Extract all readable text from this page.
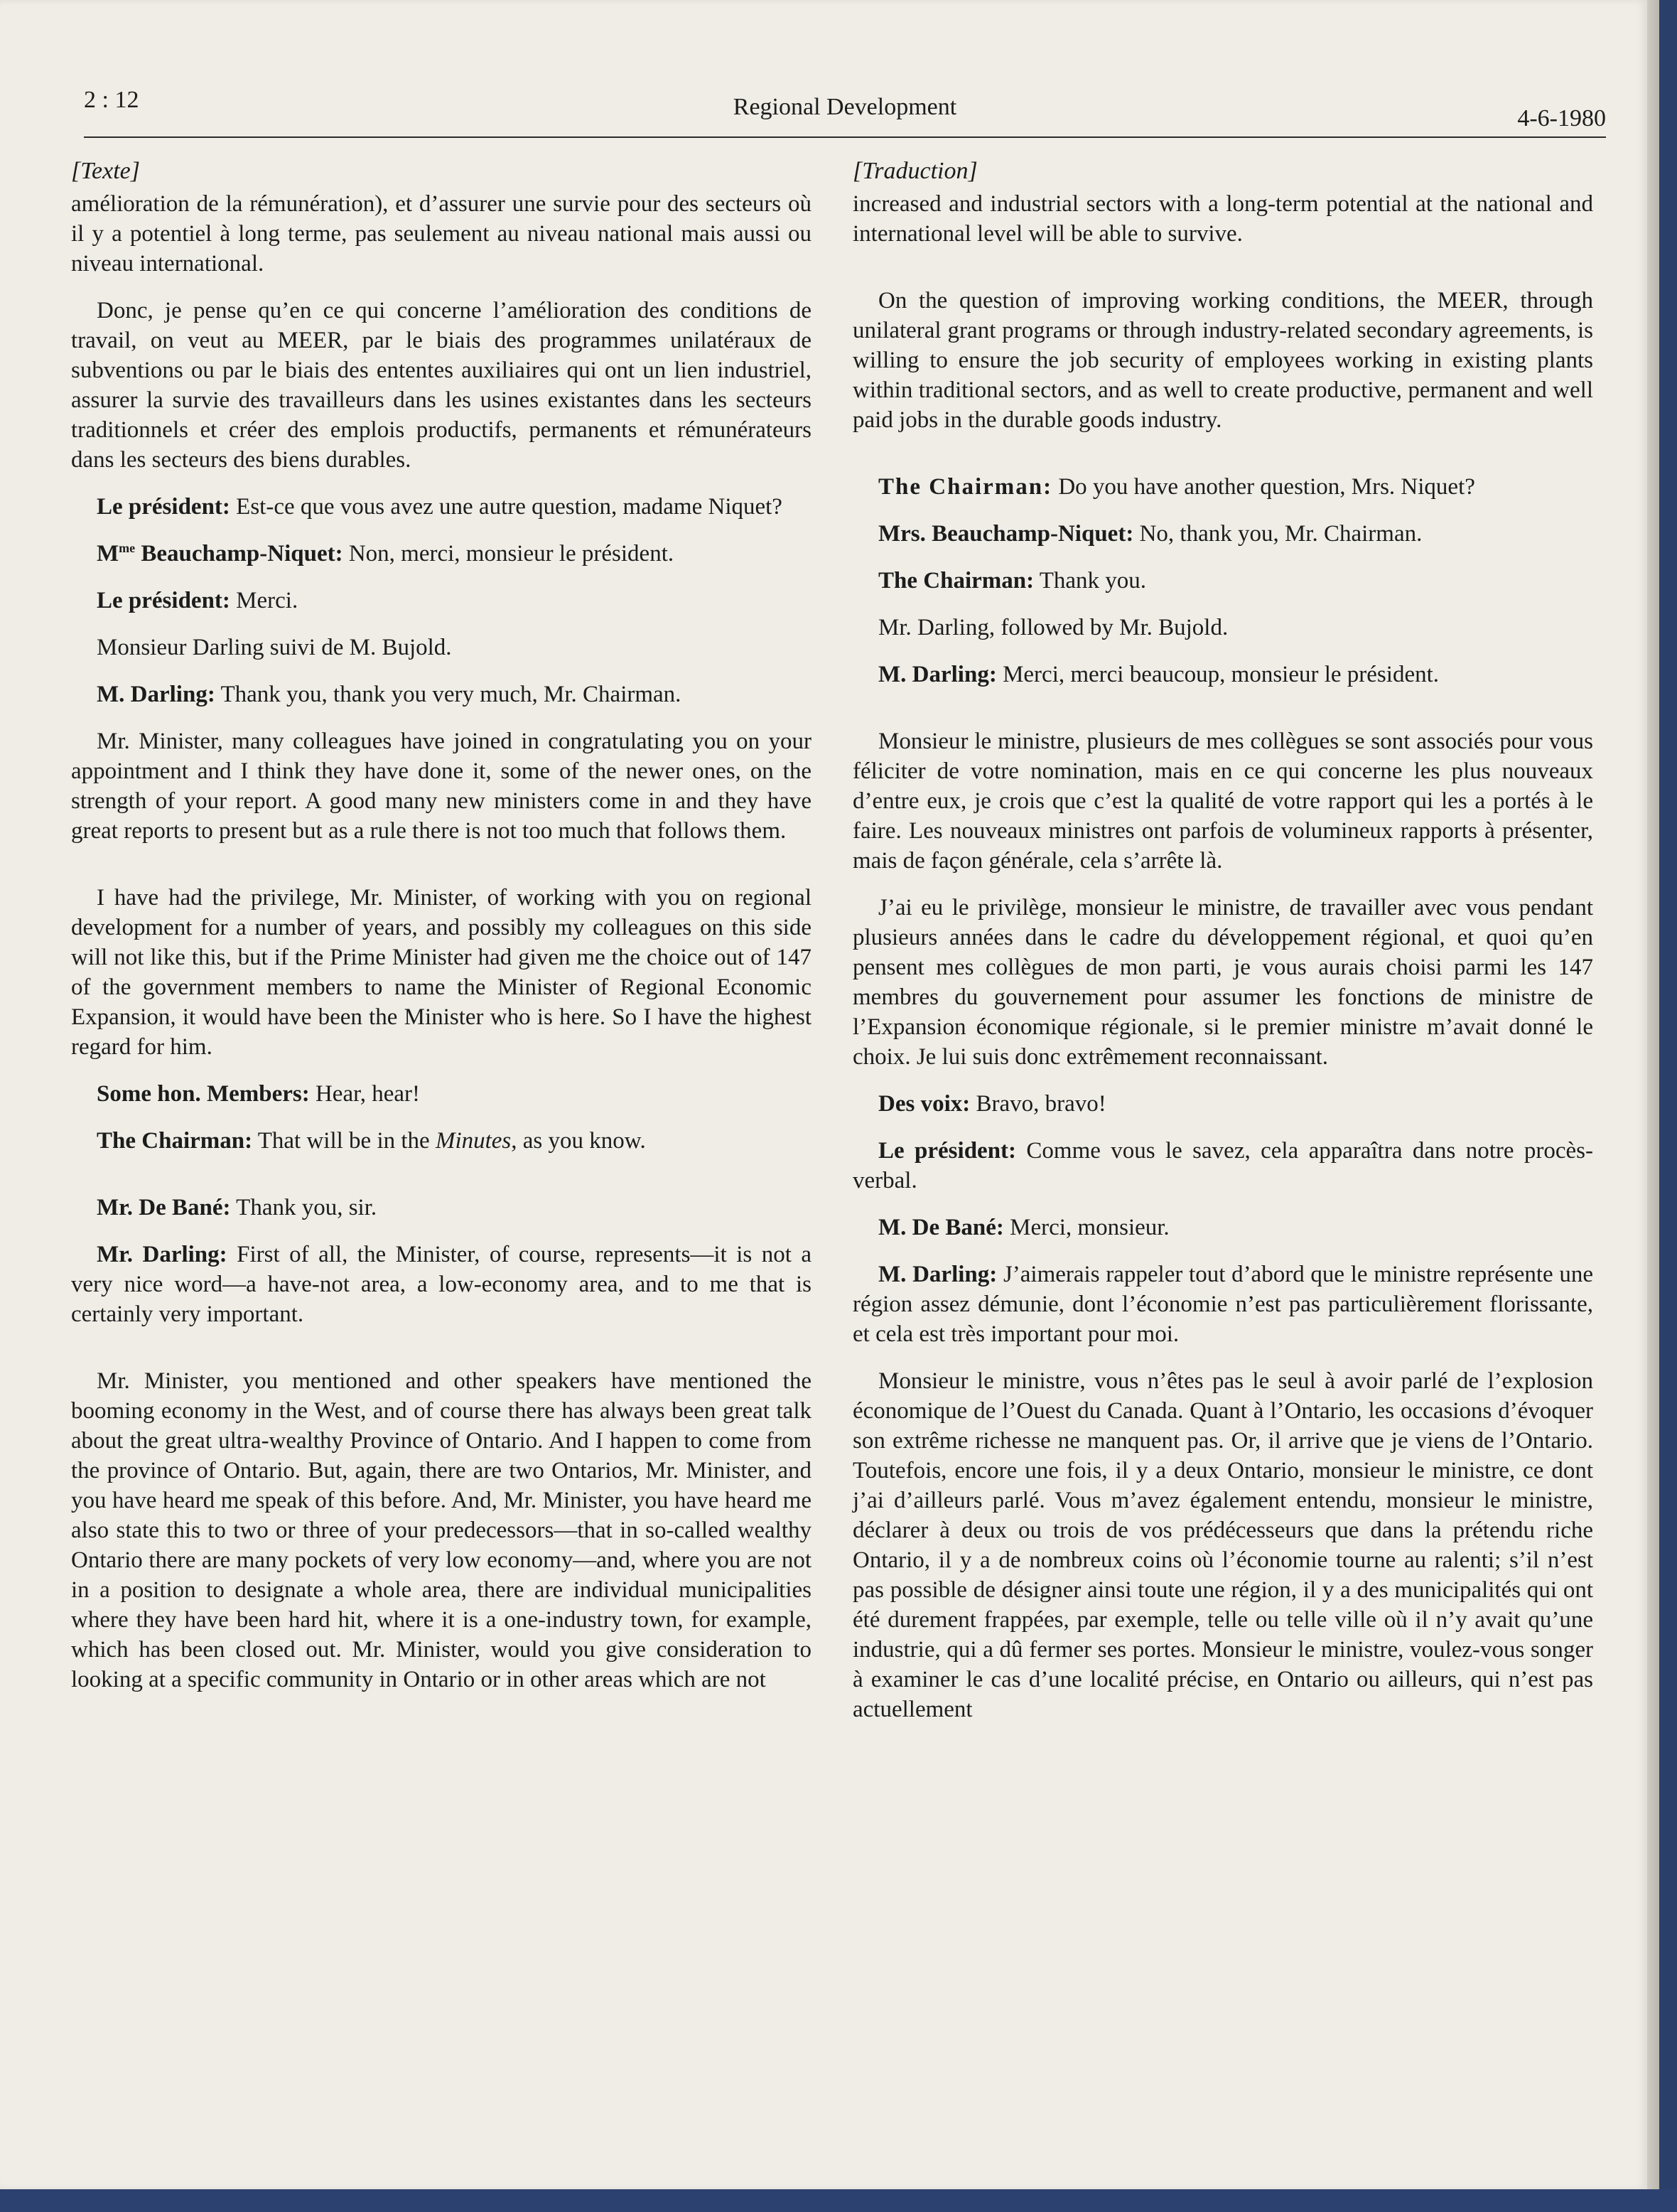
2 : 12	Regional Development	4-6-1980
[Texte]

amélioration de la rémunération), et d’assurer une survie pour des secteurs où il y a potentiel à long terme, pas seulement au niveau national mais aussi ou niveau international.

Donc, je pense qu’en ce qui concerne l’amélioration des conditions de travail, on veut au MEER, par le biais des programmes unilatéraux de subventions ou par le biais des ententes auxiliaires qui ont un lien industriel, assurer la survie des travailleurs dans les usines existantes dans les secteurs traditionnels et créer des emplois productifs, permanents et rémunérateurs dans les secteurs des biens durables.

Le président: Est-ce que vous avez une autre question, madame Niquet?

$M^{me}$ Beauchamp-Niquet: Non, merci, monsieur le président.

Le président: Merci.

Monsieur Darling suivi de M. Bujold.

M. Darling: Thank you, thank you very much, Mr. Chairman.

Mr. Minister, many colleagues have joined in congratulating you on your appointment and I think they have done it, some of the newer ones, on the strength of your report. A good many new ministers come in and they have great reports to present but as a rule there is not too much that follows them.

I have had the privilege, Mr. Minister, of working with you on regional development for a number of years, and possibly my colleagues on this side will not like this, but if the Prime Minister had given me the choice out of 147 of the government members to name the Minister of Regional Economic Expansion, it would have been the Minister who is here. So I have the highest regard for him.

Some hon. Members: Hear, hear!

The Chairman: That will be in the Minutes, as you know.

Mr. De Bané: Thank you, sir.

Mr. Darling: First of all, the Minister, of course, represents—it is not a very nice word—a have-not area, a low-economy area, and to me that is certainly very important.

Mr. Minister, you mentioned and other speakers have mentioned the booming economy in the West, and of course there has always been great talk about the great ultra-wealthy Province of Ontario. And I happen to come from the province of Ontario. But, again, there are two Ontarios, Mr. Minister, and you have heard me speak of this before. And, Mr. Minister, you have heard me also state this to two or three of your predecessors—that in so-called wealthy Ontario there are many pockets of very low economy—and, where you are not in a position to designate a whole area, there are individual municipalities where they have been hard hit, where it is a one-industry town, for example, which has been closed out. Mr. Minister, would you give consideration to looking at a specific community in Ontario or in other areas which are not

[Traduction]

increased and industrial sectors with a long-term potential at the national and international level will be able to survive.

On the question of improving working conditions, the MEER, through unilateral grant programs or through industry-related secondary agreements, is willing to ensure the job security of employees working in existing plants within traditional sectors, and as well to create productive, permanent and well paid jobs in the durable goods industry.

The Chairman: Do you have another question, Mrs. Niquet?

Mrs. Beauchamp-Niquet: No, thank you, Mr. Chairman.

The Chairman: Thank you.

Mr. Darling, followed by Mr. Bujold.

M. Darling: Merci, merci beaucoup, monsieur le président.

Monsieur le ministre, plusieurs de mes collègues se sont associés pour vous féliciter de votre nomination, mais en ce qui concerne les plus nouveaux d’entre eux, je crois que c’est la qualité de votre rapport qui les a portés à le faire. Les nouveaux ministres ont parfois de volumineux rapports à présenter, mais de façon générale, cela s’arrête là.

J’ai eu le privilège, monsieur le ministre, de travailler avec vous pendant plusieurs années dans le cadre du développement régional, et quoi qu’en pensent mes collègues de mon parti, je vous aurais choisi parmi les 147 membres du gouvernement pour assumer les fonctions de ministre de l’Expansion économique régionale, si le premier ministre m’avait donné le choix. Je lui suis donc extrêmement reconnaissant.

Des voix: Bravo, bravo!

Le président: Comme vous le savez, cela apparaîtra dans notre procès-verbal.

M. De Bané: Merci, monsieur.

M. Darling: J’aimerais rappeler tout d’abord que le ministre représente une région assez démunie, dont l’économie n’est pas particulièrement florissante, et cela est très important pour moi.

Monsieur le ministre, vous n’êtes pas le seul à avoir parlé de l’explosion économique de l’Ouest du Canada. Quant à l’Ontario, les occasions d’évoquer son extrême richesse ne manquent pas. Or, il arrive que je viens de l’Ontario. Toutefois, encore une fois, il y a deux Ontario, monsieur le ministre, ce dont j’ai d’ailleurs parlé. Vous m’avez également entendu, monsieur le ministre, déclarer à deux ou trois de vos prédécesseurs que dans la prétendu riche Ontario, il y a de nombreux coins où l’économie tourne au ralenti; s’il n’est pas possible de désigner ainsi toute une région, il y a des municipalités qui ont été durement frappées, par exemple, telle ou telle ville où il n’y avait qu’une industrie, qui a dû fermer ses portes. Monsieur le ministre, voulez-vous songer à examiner le cas d’une localité précise, en Ontario ou ailleurs, qui n’est pas actuellement
